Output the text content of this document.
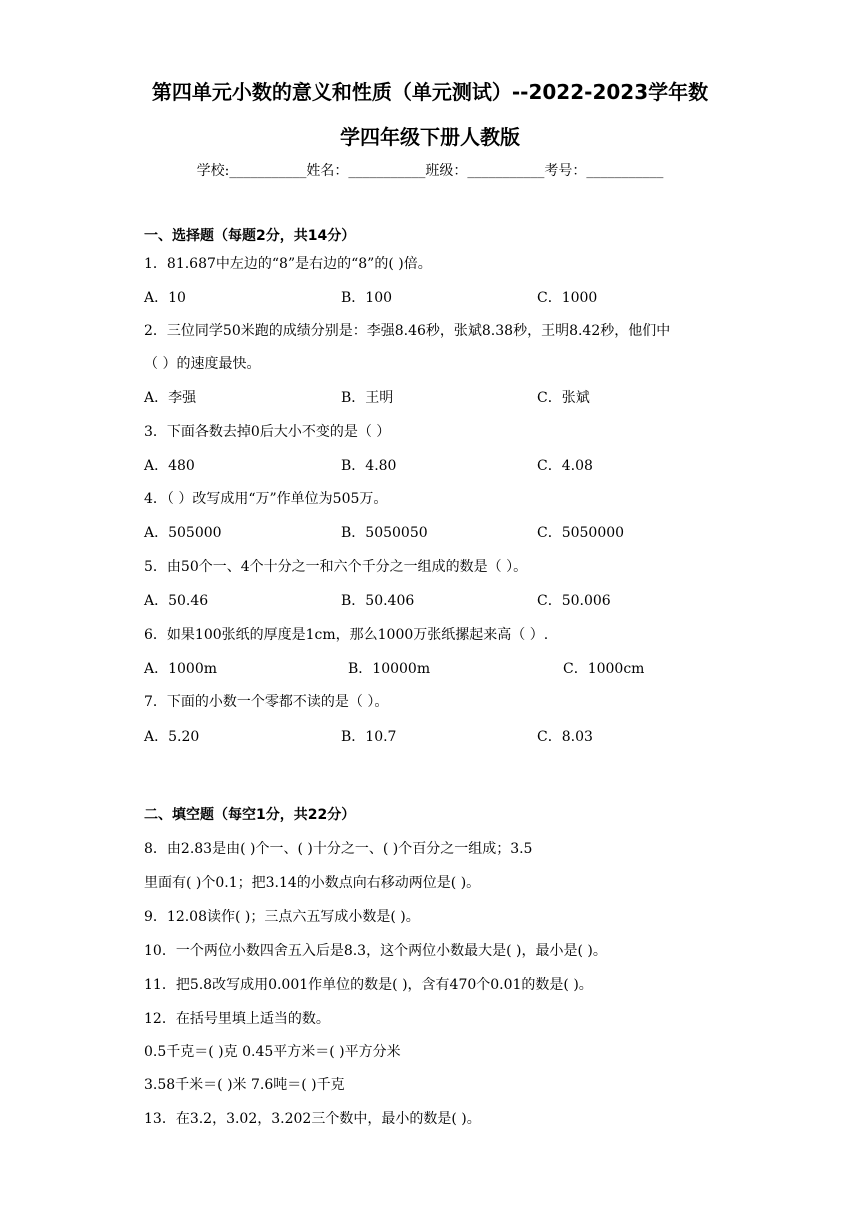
第四单元小数的意义和性质（单元测试）--2022-2023学年数
学四年级下册人教版
学校:___________姓名：___________班级：___________考号：___________
一、选择题（每题2分，共14分）
1．81.687中左边的“8”是右边的“8”的( )倍。
A．10	B．100	C．1000
2．三位同学50米跑的成绩分别是：李强8.46秒，张斌8.38秒，王明8.42秒，他们中
（ ）的速度最快。
A．李强	B．王明	C．张斌
3．下面各数去掉0后大小不变的是（ ）
A．480	B．4.80	C．4.08
4．（ ）改写成用“万”作单位为505万。
A．505000	B．5050050	C．5050000
5．由50个一、4个十分之一和六个千分之一组成的数是（ ）。
A．50.46	B．50.406	C．50.006
6．如果100张纸的厚度是1cm，那么1000万张纸摞起来高（ ）.
A．1000m	B．10000m	C．1000cm
7．下面的小数一个零都不读的是（ ）。
A．5.20	B．10.7	C．8.03
二、填空题（每空1分，共22分）
8．由2.83是由( )个一、( )十分之一、( )个百分之一组成；3.5
里面有( )个0.1；把3.14的小数点向右移动两位是( )。
9．12.08读作( )；三点六五写成小数是( )。
10．一个两位小数四舍五入后是8.3，这个两位小数最大是( )，最小是( )。
11．把5.8改写成用0.001作单位的数是( )，含有470个0.01的数是( )。
12．在括号里填上适当的数。
0.5千克＝( )克 0.45平方米＝( )平方分米
3.58千米＝( )米 7.6吨＝( )千克
13．在3.2，3.02，3.202三个数中，最小的数是( )。
